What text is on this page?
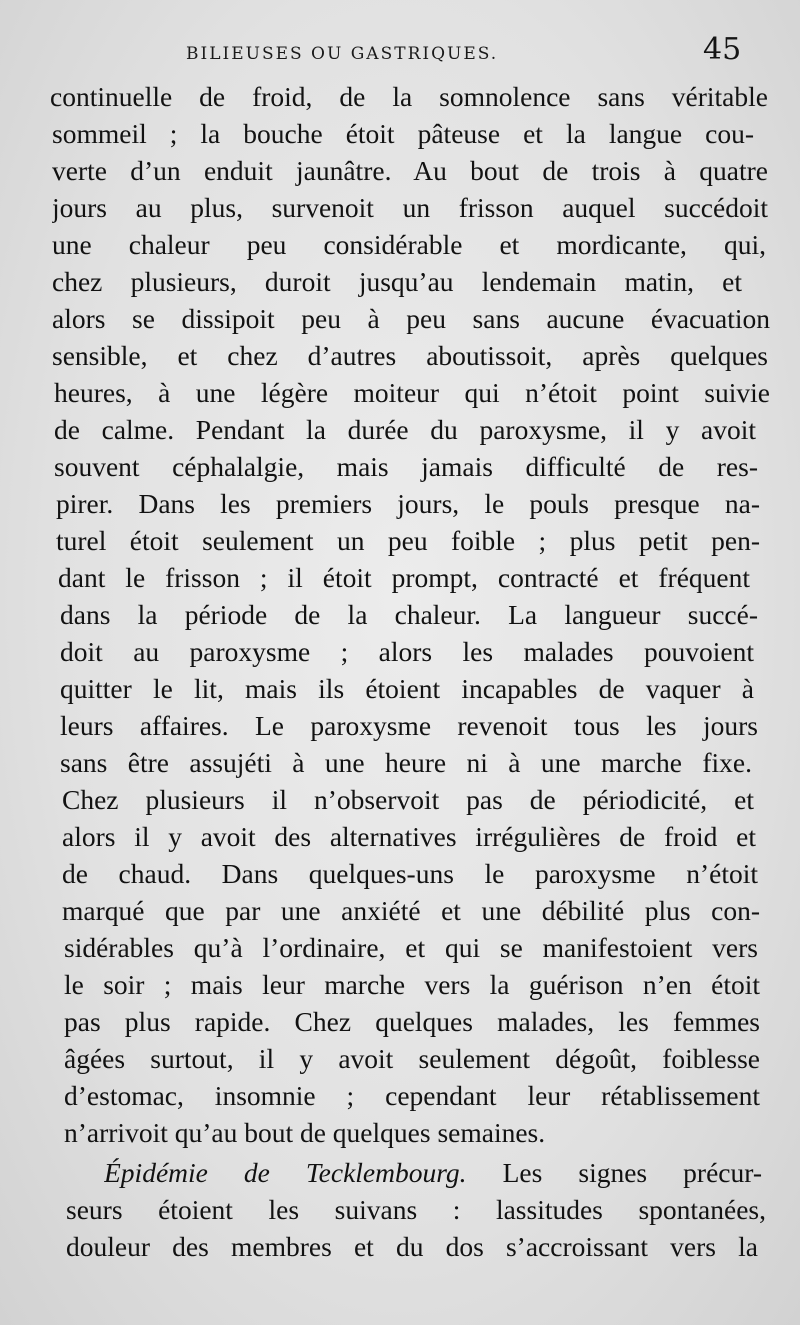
BILIEUSES OU GASTRIQUES.	45
continuelle de froid, de la somnolence sans véritable
sommeil ; la bouche étoit pâteuse et la langue cou-
verte d’un enduit jaunâtre. Au bout de trois à quatre
jours au plus, survenoit un frisson auquel succédoit
une chaleur peu considérable et mordicante, qui,
chez plusieurs, duroit jusqu’au lendemain matin, et
alors se dissipoit peu à peu sans aucune évacuation
sensible, et chez d’autres aboutissoit, après quelques
heures, à une légère moiteur qui n’étoit point suivie
de calme. Pendant la durée du paroxysme, il y avoit
souvent céphalalgie, mais jamais difficulté de res-
pirer. Dans les premiers jours, le pouls presque na-
turel étoit seulement un peu foible ; plus petit pen-
dant le frisson ; il étoit prompt, contracté et fréquent
dans la période de la chaleur. La langueur succé-
doit au paroxysme ; alors les malades pouvoient
quitter le lit, mais ils étoient incapables de vaquer à
leurs affaires. Le paroxysme revenoit tous les jours
sans être assujéti à une heure ni à une marche fixe.
Chez plusieurs il n’observoit pas de périodicité, et
alors il y avoit des alternatives irrégulières de froid et
de chaud. Dans quelques-uns le paroxysme n’étoit
marqué que par une anxiété et une débilité plus con-
sidérables qu’à l’ordinaire, et qui se manifestoient vers
le soir ; mais leur marche vers la guérison n’en étoit
pas plus rapide. Chez quelques malades, les femmes
âgées surtout, il y avoit seulement dégoût, foiblesse
d’estomac, insomnie ; cependant leur rétablissement
n’arrivoit qu’au bout de quelques semaines.
Épidémie de Tecklembourg. Les signes précur-
seurs étoient les suivans : lassitudes spontanées,
douleur des membres et du dos s’accroissant vers la
